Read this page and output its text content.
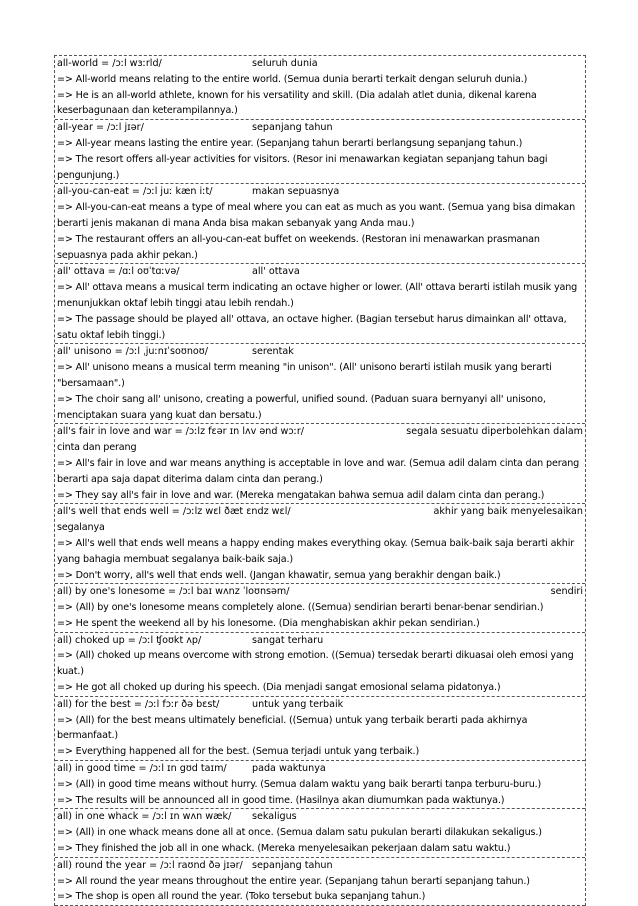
all-world = /ɔːl wɜːrld/	seluruh dunia
=> All-world means relating to the entire world. (Semua dunia berarti terkait dengan seluruh dunia.)
=> He is an all-world athlete, known for his versatility and skill. (Dia adalah atlet dunia, dikenal karena keserbagunaan dan keterampilannya.)
all-year = /ɔːl jɪər/	sepanjang tahun
=> All-year means lasting the entire year. (Sepanjang tahun berarti berlangsung sepanjang tahun.)
=> The resort offers all-year activities for visitors. (Resor ini menawarkan kegiatan sepanjang tahun bagi pengunjung.)
all-you-can-eat = /ɔːl juː kæn iːt/	makan sepuasnya
=> All-you-can-eat means a type of meal where you can eat as much as you want. (Semua yang bisa dimakan berarti jenis makanan di mana Anda bisa makan sebanyak yang Anda mau.)
=> The restaurant offers an all-you-can-eat buffet on weekends. (Restoran ini menawarkan prasmanan sepuasnya pada akhir pekan.)
all' ottava = /ɑːl oʊˈtɑːvə/	all' ottava
=> All' ottava means a musical term indicating an octave higher or lower. (All' ottava berarti istilah musik yang menunjukkan oktaf lebih tinggi atau lebih rendah.)
=> The passage should be played all' ottava, an octave higher. (Bagian tersebut harus dimainkan all' ottava, satu oktaf lebih tinggi.)
all' unisono = /ɔːl ˌjuːnɪˈsoʊnoʊ/	serentak
=> All' unisono means a musical term meaning "in unison". (All' unisono berarti istilah musik yang berarti "bersamaan".)
=> The choir sang all' unisono, creating a powerful, unified sound. (Paduan suara bernyanyi all' unisono, menciptakan suara yang kuat dan bersatu.)
all's fair in love and war = /ɔːlz fɛər ɪn lʌv ənd wɔːr/	segala sesuatu diperbolehkan dalam
cinta dan perang
=> All's fair in love and war means anything is acceptable in love and war. (Semua adil dalam cinta dan perang berarti apa saja dapat diterima dalam cinta dan perang.)
=> They say all's fair in love and war. (Mereka mengatakan bahwa semua adil dalam cinta dan perang.)
all's well that ends well = /ɔːlz wɛl ðæt ɛndz wɛl/	akhir yang baik menyelesaikan
segalanya
=> All's well that ends well means a happy ending makes everything okay. (Semua baik-baik saja berarti akhir yang bahagia membuat segalanya baik-baik saja.)
=> Don't worry, all's well that ends well. (Jangan khawatir, semua yang berakhir dengan baik.)
all) by one's lonesome = /ɔːl baɪ wʌnz ˈloʊnsəm/	sendiri
=> (All) by one's lonesome means completely alone. ((Semua) sendirian berarti benar-benar sendirian.)
=> He spent the weekend all by his lonesome. (Dia menghabiskan akhir pekan sendirian.)
all) choked up = /ɔːl ʧoʊkt ʌp/	sangat terharu
=> (All) choked up means overcome with strong emotion. ((Semua) tersedak berarti dikuasai oleh emosi yang kuat.)
=> He got all choked up during his speech. (Dia menjadi sangat emosional selama pidatonya.)
all) for the best = /ɔːl fɔːr ðə bɛst/	untuk yang terbaik
=> (All) for the best means ultimately beneficial. ((Semua) untuk yang terbaik berarti pada akhirnya bermanfaat.)
=> Everything happened all for the best. (Semua terjadi untuk yang terbaik.)
all) in good time = /ɔːl ɪn gʊd taɪm/	pada waktunya
=> (All) in good time means without hurry. (Semua dalam waktu yang baik berarti tanpa terburu-buru.)
=> The results will be announced all in good time. (Hasilnya akan diumumkan pada waktunya.)
all) in one whack = /ɔːl ɪn wʌn wæk/	sekaligus
=> (All) in one whack means done all at once. (Semua dalam satu pukulan berarti dilakukan sekaligus.)
=> They finished the job all in one whack. (Mereka menyelesaikan pekerjaan dalam satu waktu.)
all) round the year = /ɔːl raʊnd ðə jɪər/ sepanjang tahun
=> All round the year means throughout the entire year. (Sepanjang tahun berarti sepanjang tahun.)
=> The shop is open all round the year. (Toko tersebut buka sepanjang tahun.)
